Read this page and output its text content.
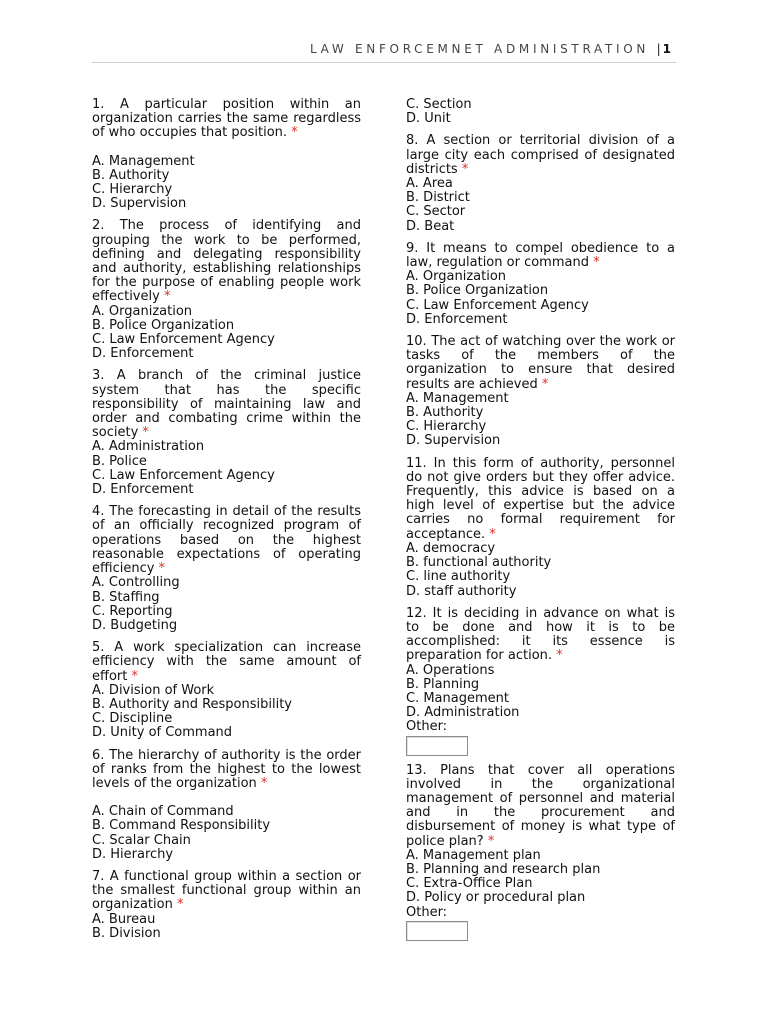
LAW ENFORCEMNET ADMINISTRATION | 1
1. A particular position within an organization carries the same regardless of who occupies that position. *
A. Management
B. Authority
C. Hierarchy
D. Supervision
2. The process of identifying and grouping the work to be performed, defining and delegating responsibility and authority, establishing relationships for the purpose of enabling people work effectively *
A. Organization
B. Police Organization
C. Law Enforcement Agency
D. Enforcement
3. A branch of the criminal justice system that has the specific responsibility of maintaining law and order and combating crime within the society *
A. Administration
B. Police
C. Law Enforcement Agency
D. Enforcement
4. The forecasting in detail of the results of an officially recognized program of operations based on the highest reasonable expectations of operating efficiency *
A. Controlling
B. Staffing
C. Reporting
D. Budgeting
5. A work specialization can increase efficiency with the same amount of effort *
A. Division of Work
B. Authority and Responsibility
C. Discipline
D. Unity of Command
6. The hierarchy of authority is the order of ranks from the highest to the lowest levels of the organization *
A. Chain of Command
B. Command Responsibility
C. Scalar Chain
D. Hierarchy
7. A functional group within a section or the smallest functional group within an organization *
A. Bureau
B. Division
C. Section
D. Unit
8. A section or territorial division of a large city each comprised of designated districts *
A. Area
B. District
C. Sector
D. Beat
9. It means to compel obedience to a law, regulation or command *
A. Organization
B. Police Organization
C. Law Enforcement Agency
D. Enforcement
10. The act of watching over the work or tasks of the members of the organization to ensure that desired results are achieved *
A. Management
B. Authority
C. Hierarchy
D. Supervision
11. In this form of authority, personnel do not give orders but they offer advice. Frequently, this advice is based on a high level of expertise but the advice carries no formal requirement for acceptance. *
A. democracy
B. functional authority
C. line authority
D. staff authority
12. It is deciding in advance on what is to be done and how it is to be accomplished: it its essence is preparation for action. *
A. Operations
B. Planning
C. Management
D. Administration
Other:
13. Plans that cover all operations involved in the organizational management of personnel and material and in the procurement and disbursement of money is what type of police plan? *
A. Management plan
B. Planning and research plan
C. Extra-Office Plan
D. Policy or procedural plan
Other:
